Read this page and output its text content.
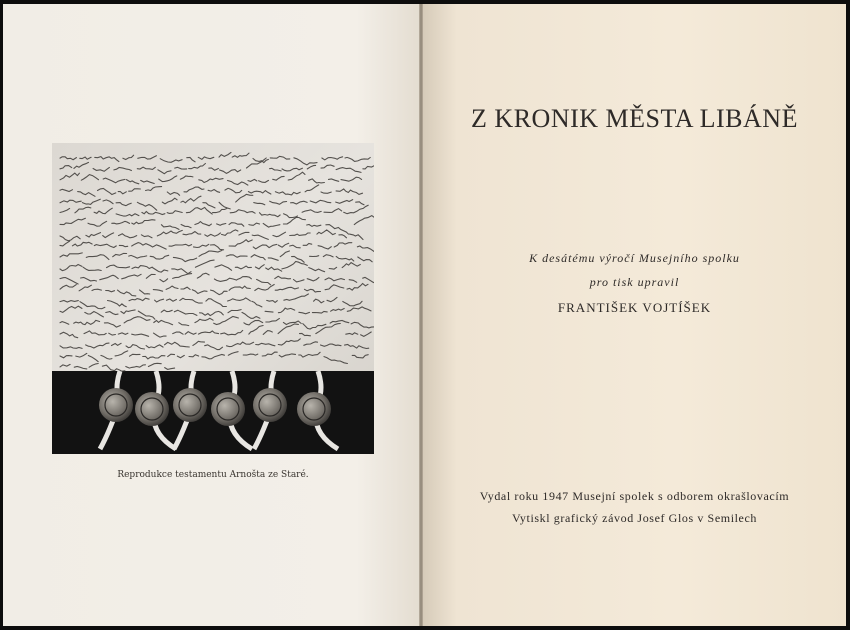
Reprodukce testamentu Arnošta ze Staré.
Z KRONIK MĚSTA LIBÁNĚ
K desátému výročí Musejního spolku
pro tisk upravil
FRANTIŠEK VOJTÍŠEK
Vydal roku 1947 Musejní spolek s odborem okrašlovacím
Vytiskl grafický závod Josef Glos v Semilech
